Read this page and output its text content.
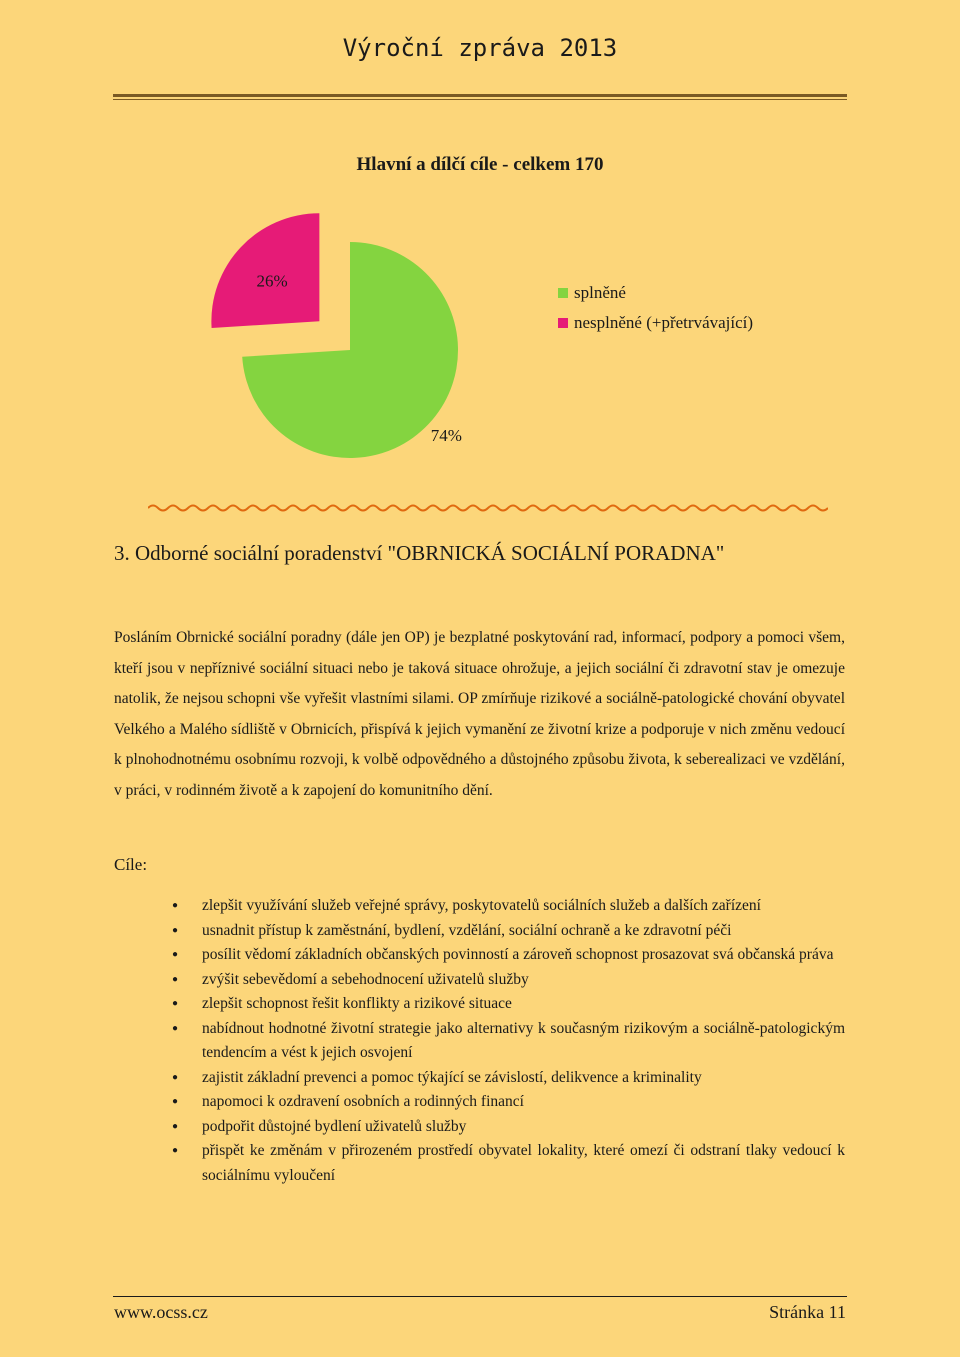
Výroční zpráva 2013
Hlavní a dílčí cíle - celkem 170
74%
26%
splněné
nesplněné (+přetrvávající)
3. Odborné sociální poradenství "OBRNICKÁ SOCIÁLNÍ PORADNA"
Posláním Obrnické sociální poradny (dále jen OP) je bezplatné poskytování rad, informací, podpory a pomoci všem, kteří jsou v nepříznivé sociální situaci nebo je taková situace ohrožuje, a jejich sociální či zdravotní stav je omezuje natolik, že nejsou schopni vše vyřešit vlastními silami. OP zmírňuje rizikové a sociálně-patologické chování obyvatel Velkého a Malého sídliště v Obrnicích, přispívá k jejich vymanění ze životní krize a podporuje v nich změnu vedoucí k plnohodnotnému osobnímu rozvoji, k volbě odpovědného a důstojného způsobu života, k seberealizaci ve vzdělání, v práci, v rodinném životě a k zapojení do komunitního dění.
Cíle:
● zlepšit využívání služeb veřejné správy, poskytovatelů sociálních služeb a dalších zařízení
● usnadnit přístup k zaměstnání, bydlení, vzdělání, sociální ochraně a ke zdravotní péči
● posílit vědomí základních občanských povinností a zároveň schopnost prosazovat svá občanská práva
● zvýšit sebevědomí a sebehodnocení uživatelů služby
● zlepšit schopnost řešit konflikty a rizikové situace
● nabídnout hodnotné životní strategie jako alternativy k současným rizikovým a sociálně-patologickým tendencím a vést k jejich osvojení
● zajistit základní prevenci a pomoc týkající se závislostí, delikvence a kriminality
● napomoci k ozdravení osobních a rodinných financí
● podpořit důstojné bydlení uživatelů služby
● přispět ke změnám v přirozeném prostředí obyvatel lokality, které omezí či odstraní tlaky vedoucí k sociálnímu vyloučení
www.ocss.cz	Stránka 11
